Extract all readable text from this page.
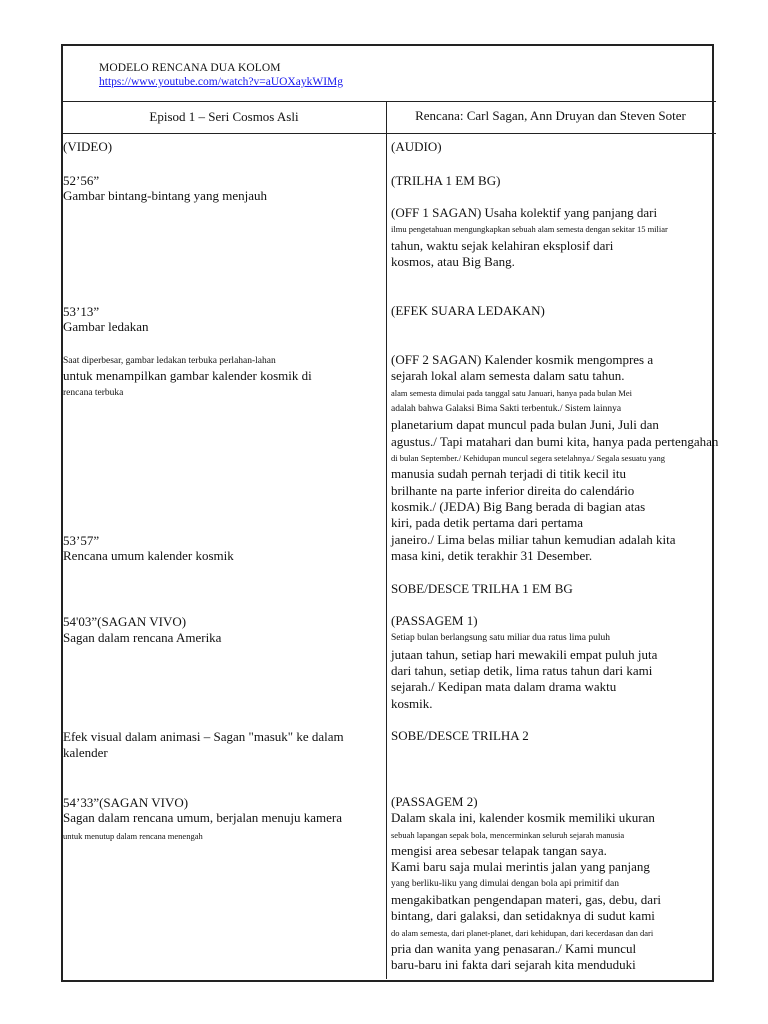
MODELO RENCANA DUA KOLOM
https://www.youtube.com/watch?v=aUOXaykWIMg
Episod 1 – Seri Cosmos Asli	Rencana: Carl Sagan, Ann Druyan dan Steven Soter
(VIDEO)
52’56”
Gambar bintang-bintang yang menjauh
53’13”
Gambar ledakan
Saat diperbesar, gambar ledakan terbuka perlahan-lahan
untuk menampilkan gambar kalender kosmik di
rencana terbuka
53’57”
Rencana umum kalender kosmik
54'03”(SAGAN VIVO)
Sagan dalam rencana Amerika
Efek visual dalam animasi – Sagan "masuk" ke dalam
kalender
54’33”(SAGAN VIVO)
Sagan dalam rencana umum, berjalan menuju kamera
untuk menutup dalam rencana menengah
(AUDIO)
(TRILHA 1 EM BG)
(OFF 1 SAGAN) Usaha kolektif yang panjang dari
ilmu pengetahuan mengungkapkan sebuah alam semesta dengan sekitar 15 miliar
tahun, waktu sejak kelahiran eksplosif dari
kosmos, atau Big Bang.
(EFEK SUARA LEDAKAN)
(OFF 2 SAGAN) Kalender kosmik mengompres a
sejarah lokal alam semesta dalam satu tahun.
alam semesta dimulai pada tanggal satu Januari, hanya pada bulan Mei
adalah bahwa Galaksi Bima Sakti terbentuk./ Sistem lainnya
planetarium dapat muncul pada bulan Juni, Juli dan
agustus./ Tapi matahari dan bumi kita, hanya pada pertengahan
di bulan September./ Kehidupan muncul segera setelahnya./ Segala sesuatu yang
manusia sudah pernah terjadi di titik kecil itu
brilhante na parte inferior direita do calendário
kosmik./ (JEDA) Big Bang berada di bagian atas
kiri, pada detik pertama dari pertama
janeiro./ Lima belas miliar tahun kemudian adalah kita
masa kini, detik terakhir 31 Desember.
SOBE/DESCE TRILHA 1 EM BG
(PASSAGEM 1)
Setiap bulan berlangsung satu miliar dua ratus lima puluh
jutaan tahun, setiap hari mewakili empat puluh juta
dari tahun, setiap detik, lima ratus tahun dari kami
sejarah./ Kedipan mata dalam drama waktu
kosmik.
SOBE/DESCE TRILHA 2
(PASSAGEM 2)
Dalam skala ini, kalender kosmik memiliki ukuran
sebuah lapangan sepak bola, mencerminkan seluruh sejarah manusia
mengisi area sebesar telapak tangan saya.
Kami baru saja mulai merintis jalan yang panjang
yang berliku-liku yang dimulai dengan bola api primitif dan
mengakibatkan pengendapan materi, gas, debu, dari
bintang, dari galaksi, dan setidaknya di sudut kami
do alam semesta, dari planet-planet, dari kehidupan, dari kecerdasan dan dari
pria dan wanita yang penasaran./ Kami muncul
baru-baru ini fakta dari sejarah kita menduduki
